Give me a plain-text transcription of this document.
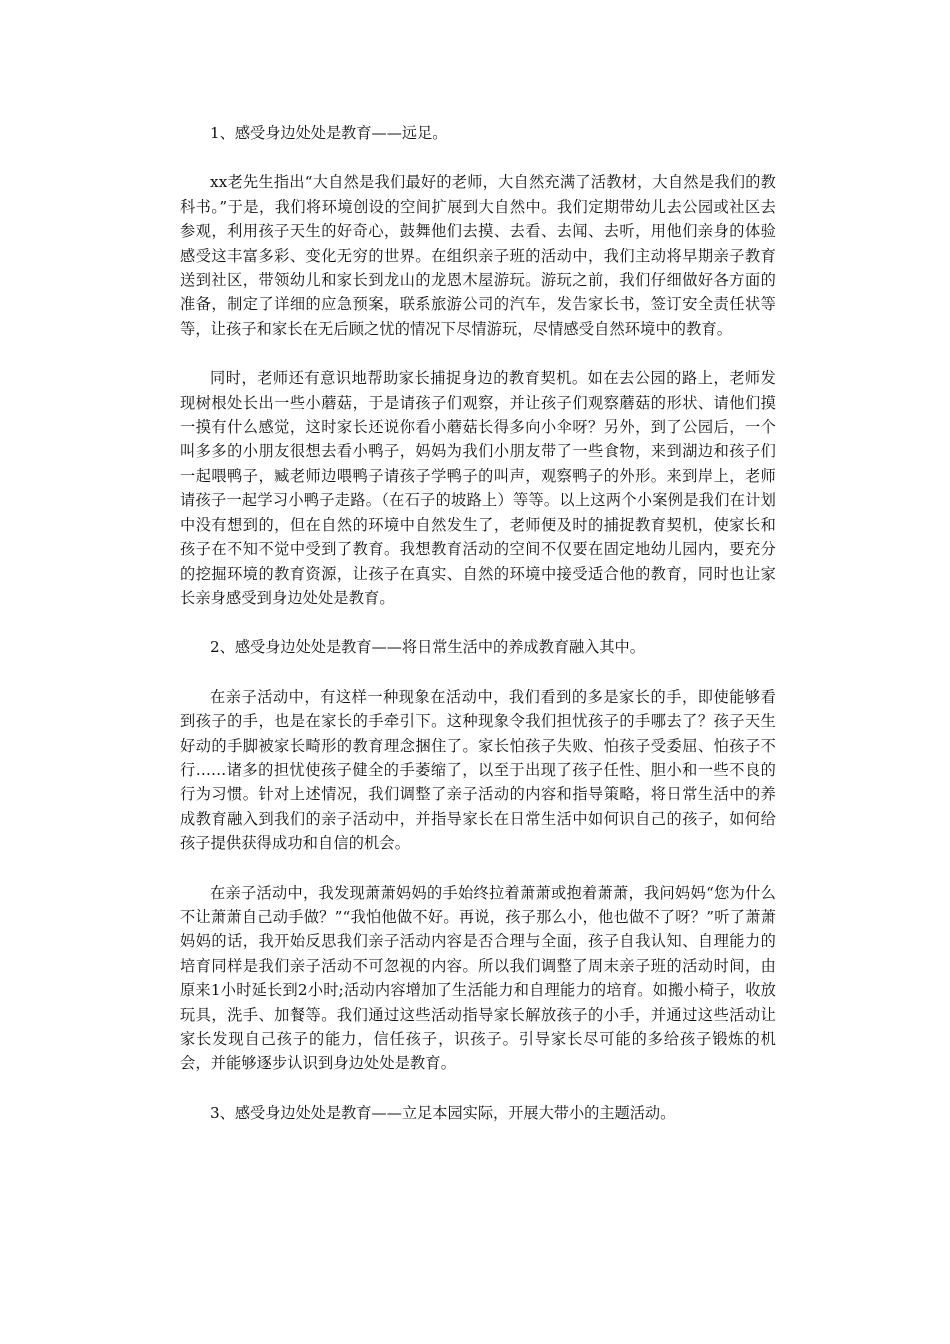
1、感受身边处处是教育——远足。

xx老先生指出“大自然是我们最好的老师，大自然充满了活教材，大自然是我们的教科书。”于是，我们将环境创设的空间扩展到大自然中。我们定期带幼儿去公园或社区去参观，利用孩子天生的好奇心，鼓舞他们去摸、去看、去闻、去听，用他们亲身的体验感受这丰富多彩、变化无穷的世界。在组织亲子班的活动中，我们主动将早期亲子教育送到社区，带领幼儿和家长到龙山的龙恩木屋游玩。游玩之前，我们仔细做好各方面的准备，制定了详细的应急预案，联系旅游公司的汽车，发告家长书，签订安全责任状等等，让孩子和家长在无后顾之忧的情况下尽情游玩，尽情感受自然环境中的教育。

同时，老师还有意识地帮助家长捕捉身边的教育契机。如在去公园的路上，老师发现树根处长出一些小蘑菇，于是请孩子们观察，并让孩子们观察蘑菇的形状、请他们摸一摸有什么感觉，这时家长还说你看小蘑菇长得多向小伞呀？另外，到了公园后，一个叫多多的小朋友很想去看小鸭子，妈妈为我们小朋友带了一些食物，来到湖边和孩子们一起喂鸭子，臧老师边喂鸭子请孩子学鸭子的叫声，观察鸭子的外形。来到岸上，老师请孩子一起学习小鸭子走路。（在石子的坡路上）等等。以上这两个小案例是我们在计划中没有想到的，但在自然的环境中自然发生了，老师便及时的捕捉教育契机，使家长和孩子在不知不觉中受到了教育。我想教育活动的空间不仅要在固定地幼儿园内，要充分的挖掘环境的教育资源，让孩子在真实、自然的环境中接受适合他的教育，同时也让家长亲身感受到身边处处是教育。

2、感受身边处处是教育——将日常生活中的养成教育融入其中。

在亲子活动中，有这样一种现象在活动中，我们看到的多是家长的手，即使能够看到孩子的手，也是在家长的手牵引下。这种现象令我们担忧孩子的手哪去了？孩子天生好动的手脚被家长畸形的教育理念捆住了。家长怕孩子失败、怕孩子受委屈、怕孩子不行……诸多的担忧使孩子健全的手萎缩了，以至于出现了孩子任性、胆小和一些不良的行为习惯。针对上述情况，我们调整了亲子活动的内容和指导策略，将日常生活中的养成教育融入到我们的亲子活动中，并指导家长在日常生活中如何识自己的孩子，如何给孩子提供获得成功和自信的机会。

在亲子活动中，我发现萧萧妈妈的手始终拉着萧萧或抱着萧萧，我问妈妈“您为什么不让萧萧自己动手做？”“我怕他做不好。再说，孩子那么小，他也做不了呀？”听了萧萧妈妈的话，我开始反思我们亲子活动内容是否合理与全面，孩子自我认知、自理能力的培育同样是我们亲子活动不可忽视的内容。所以我们调整了周末亲子班的活动时间，由原来1小时延长到2小时;活动内容增加了生活能力和自理能力的培育。如搬小椅子，收放玩具，洗手、加餐等。我们通过这些活动指导家长解放孩子的小手，并通过这些活动让家长发现自己孩子的能力，信任孩子，识孩子。引导家长尽可能的多给孩子锻炼的机会，并能够逐步认识到身边处处是教育。

3、感受身边处处是教育——立足本园实际，开展大带小的主题活动。
